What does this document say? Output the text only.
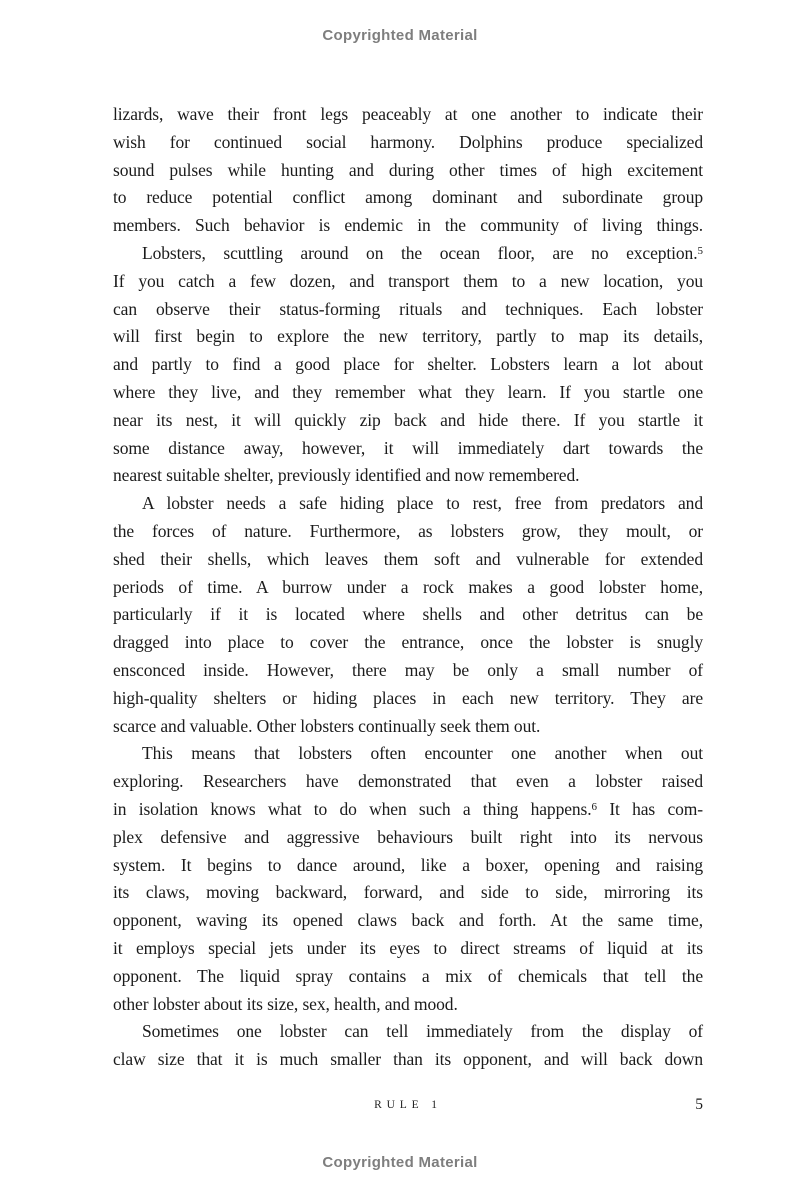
Copyrighted Material
lizards, wave their front legs peaceably at one another to indicate their
wish for continued social harmony. Dolphins produce specialized
sound pulses while hunting and during other times of high excitement
to reduce potential conflict among dominant and subordinate group
members. Such behavior is endemic in the community of living things.
Lobsters, scuttling around on the ocean floor, are no exception.$^5$
If you catch a few dozen, and transport them to a new location, you
can observe their status-forming rituals and techniques. Each lobster
will first begin to explore the new territory, partly to map its details,
and partly to find a good place for shelter. Lobsters learn a lot about
where they live, and they remember what they learn. If you startle one
near its nest, it will quickly zip back and hide there. If you startle it
some distance away, however, it will immediately dart towards the
nearest suitable shelter, previously identified and now remembered.
A lobster needs a safe hiding place to rest, free from predators and
the forces of nature. Furthermore, as lobsters grow, they moult, or
shed their shells, which leaves them soft and vulnerable for extended
periods of time. A burrow under a rock makes a good lobster home,
particularly if it is located where shells and other detritus can be
dragged into place to cover the entrance, once the lobster is snugly
ensconced inside. However, there may be only a small number of
high-quality shelters or hiding places in each new territory. They are
scarce and valuable. Other lobsters continually seek them out.
This means that lobsters often encounter one another when out
exploring. Researchers have demonstrated that even a lobster raised
in isolation knows what to do when such a thing happens.$^6$ It has com-
plex defensive and aggressive behaviours built right into its nervous
system. It begins to dance around, like a boxer, opening and raising
its claws, moving backward, forward, and side to side, mirroring its
opponent, waving its opened claws back and forth. At the same time,
it employs special jets under its eyes to direct streams of liquid at its
opponent. The liquid spray contains a mix of chemicals that tell the
other lobster about its size, sex, health, and mood.
Sometimes one lobster can tell immediately from the display of
claw size that it is much smaller than its opponent, and will back down
RULE 1	5
Copyrighted Material
